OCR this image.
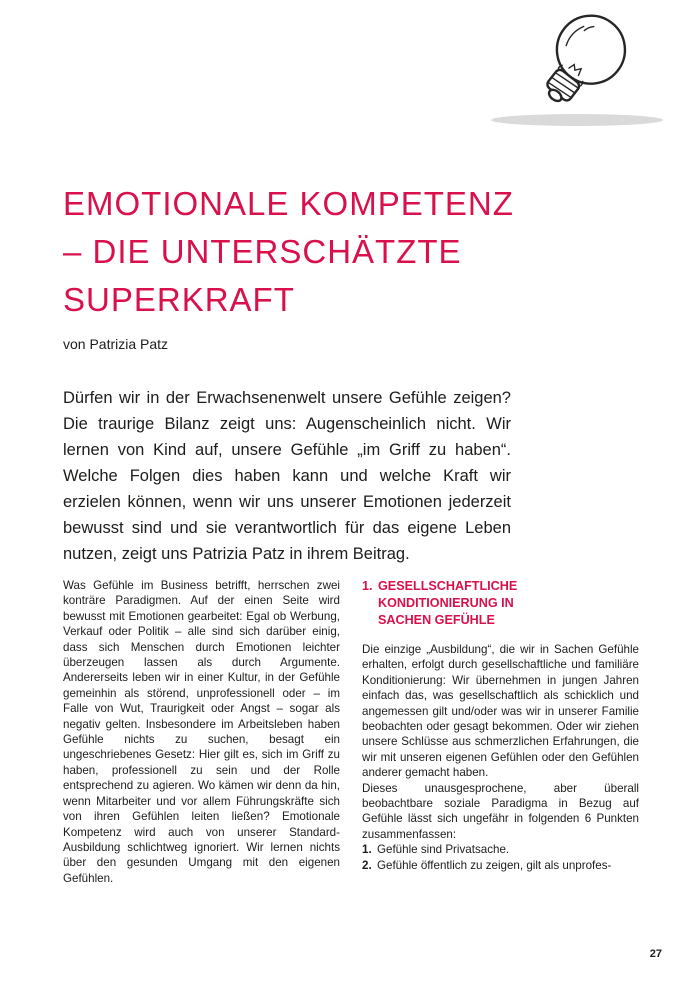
EMOTIONALE KOMPETENZ
– DIE UNTERSCHÄTZTE
SUPERKRAFT
von Patrizia Patz

Dürfen wir in der Erwachsenenwelt unsere Gefühle zeigen? Die traurige Bilanz zeigt uns: Augenscheinlich nicht. Wir lernen von Kind auf, unsere Gefühle „im Griff zu haben“. Welche Folgen dies haben kann und welche Kraft wir erzielen können, wenn wir uns unserer Emotionen jederzeit bewusst sind und sie verantwortlich für das eigene Leben nutzen, zeigt uns Patrizia Patz in ihrem Beitrag.

Was Gefühle im Business betrifft, herrschen zwei konträre Paradigmen. Auf der einen Seite wird bewusst mit Emotionen gearbeitet: Egal ob Werbung, Verkauf oder Politik – alle sind sich darüber einig, dass sich Menschen durch Emotionen leichter überzeugen lassen als durch Argumente. Andererseits leben wir in einer Kultur, in der Gefühle gemeinhin als störend, unprofessionell oder – im Falle von Wut, Traurigkeit oder Angst – sogar als negativ gelten. Insbesondere im Arbeitsleben haben Gefühle nichts zu suchen, besagt ein ungeschriebenes Gesetz: Hier gilt es, sich im Griff zu haben, professionell zu sein und der Rolle entsprechend zu agieren. Wo kämen wir denn da hin, wenn Mitarbeiter und vor allem Führungskräfte sich von ihren Gefühlen leiten ließen? Emotionale Kompetenz wird auch von unserer Standard-Ausbildung schlichtweg ignoriert. Wir lernen nichts über den gesunden Umgang mit den eigenen Gefühlen.

1. GESELLSCHAFTLICHE KONDITIONIERUNG IN SACHEN GEFÜHLE

Die einzige „Ausbildung“, die wir in Sachen Gefühle erhalten, erfolgt durch gesellschaftliche und familiäre Konditionierung: Wir übernehmen in jungen Jahren einfach das, was gesellschaftlich als schicklich und angemessen gilt und/oder was wir in unserer Familie beobachten oder gesagt bekommen. Oder wir ziehen unsere Schlüsse aus schmerzlichen Erfahrungen, die wir mit unseren eigenen Gefühlen oder den Gefühlen anderer gemacht haben.

Dieses unausgesprochene, aber überall beobachtbare soziale Paradigma in Bezug auf Gefühle lässt sich ungefähr in folgenden 6 Punkten zusammenfassen:

1. Gefühle sind Privatsache.
2. Gefühle öffentlich zu zeigen, gilt als unprofes-
27
